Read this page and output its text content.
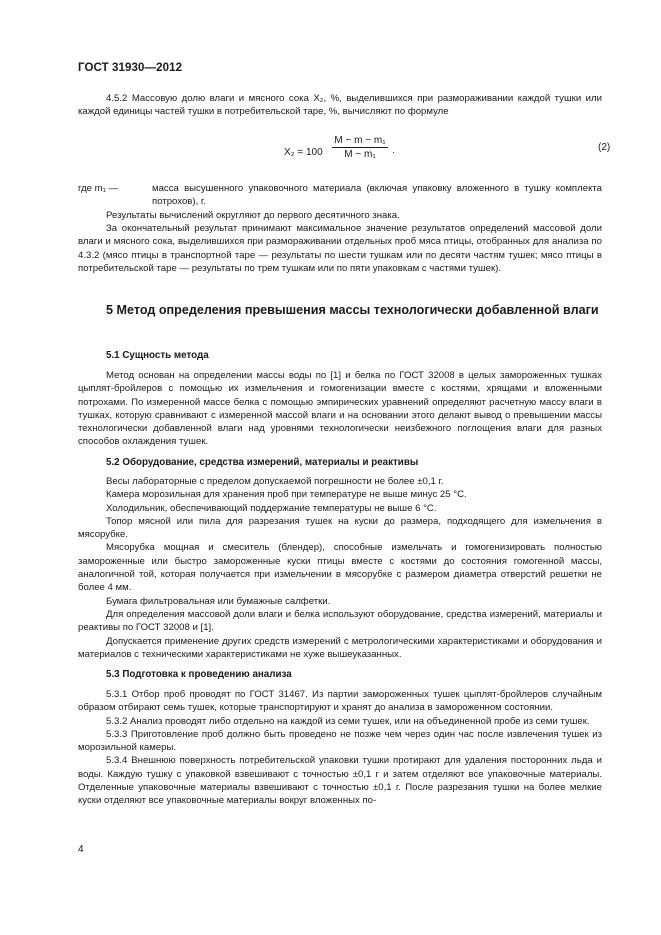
ГОСТ 31930—2012
4.5.2 Массовую долю влаги и мясного сока X₂, %, выделившихся при размораживании каждой тушки или каждой единицы частей тушки в потребительской таре, %, вычисляют по формуле
$X_2 = 100 \frac{\text{M − m − m₁}}{\text{M − m₁}}$ ·	(2)
где m₁ —	масса высушенного упаковочного материала (включая упаковку вложенного в тушку комплекта потрохов), г.
Результаты вычислений округляют до первого десятичного знака.
За окончательный результат принимают максимальное значение результатов определений массовой доли влаги и мясного сока, выделившихся при размораживании отдельных проб мяса птицы, отобранных для анализа по 4.3.2 (мясо птицы в транспортной таре — результаты по шести тушкам или по десяти частям тушек; мясо птицы в потребительской таре — результаты по трем тушкам или по пяти упаковкам с частями тушек).
5 Метод определения превышения массы технологически добавленной влаги
5.1 Сущность метода
Метод основан на определении массы воды по [1] и белка по ГОСТ 32008 в целых замороженных тушках цыплят-бройлеров с помощью их измельчения и гомогенизации вместе с костями, хрящами и вложенными потрохами. По измеренной массе белка с помощью эмпирических уравнений определяют расчетную массу влаги в тушках, которую сравнивают с измеренной массой влаги и на основании этого делают вывод о превышении массы технологически добавленной влаги над уровнями технологически неизбежного поглощения влаги для разных способов охлаждения тушек.
5.2 Оборудование, средства измерений, материалы и реактивы

Весы лабораторные с пределом допускаемой погрешности не более ±0,1 г.

Камера морозильная для хранения проб при температуре не выше минус 25 °С.

Холодильник, обеспечивающий поддержание температуры не выше 6 °С.

Топор мясной или пила для разрезания тушек на куски до размера, подходящего для измельчения в мясорубке.

Мясорубка мощная и смеситель (блендер), способные измельчать и гомогенизировать полностью замороженные или быстро замороженные куски птицы вместе с костями до состояния гомогенной массы, аналогичной той, которая получается при измельчении в мясорубке с размером диаметра отверстий решетки не более 4 мм.

Бумага фильтровальная или бумажные салфетки.

Для определения массовой доли влаги и белка используют оборудование, средства измерений, материалы и реактивы по ГОСТ 32008 и [1].

Допускается применение других средств измерений с метрологическими характеристиками и оборудования и материалов с техническими характеристиками не хуже вышеуказанных.

5.3 Подготовка к проведению анализа

5.3.1 Отбор проб проводят по ГОСТ 31467. Из партии замороженных тушек цыплят-бройлеров случайным образом отбирают семь тушек, которые транспортируют и хранят до анализа в замороженном состоянии.

5.3.2 Анализ проводят либо отдельно на каждой из семи тушек, или на объединенной пробе из семи тушек.

5.3.3 Приготовление проб должно быть проведено не позже чем через один час после извлечения тушек из морозильной камеры.

5.3.4 Внешнюю поверхность потребительской упаковки тушки протирают для удаления посторонних льда и воды. Каждую тушку с упаковкой взвешивают с точностью ±0,1 г и затем отделяют все упаковочные материалы. Отделенные упаковочные материалы взвешивают с точностью ±0,1 г. После разрезания тушки на более мелкие куски отделяют все упаковочные материалы вокруг вложенных по-

4
